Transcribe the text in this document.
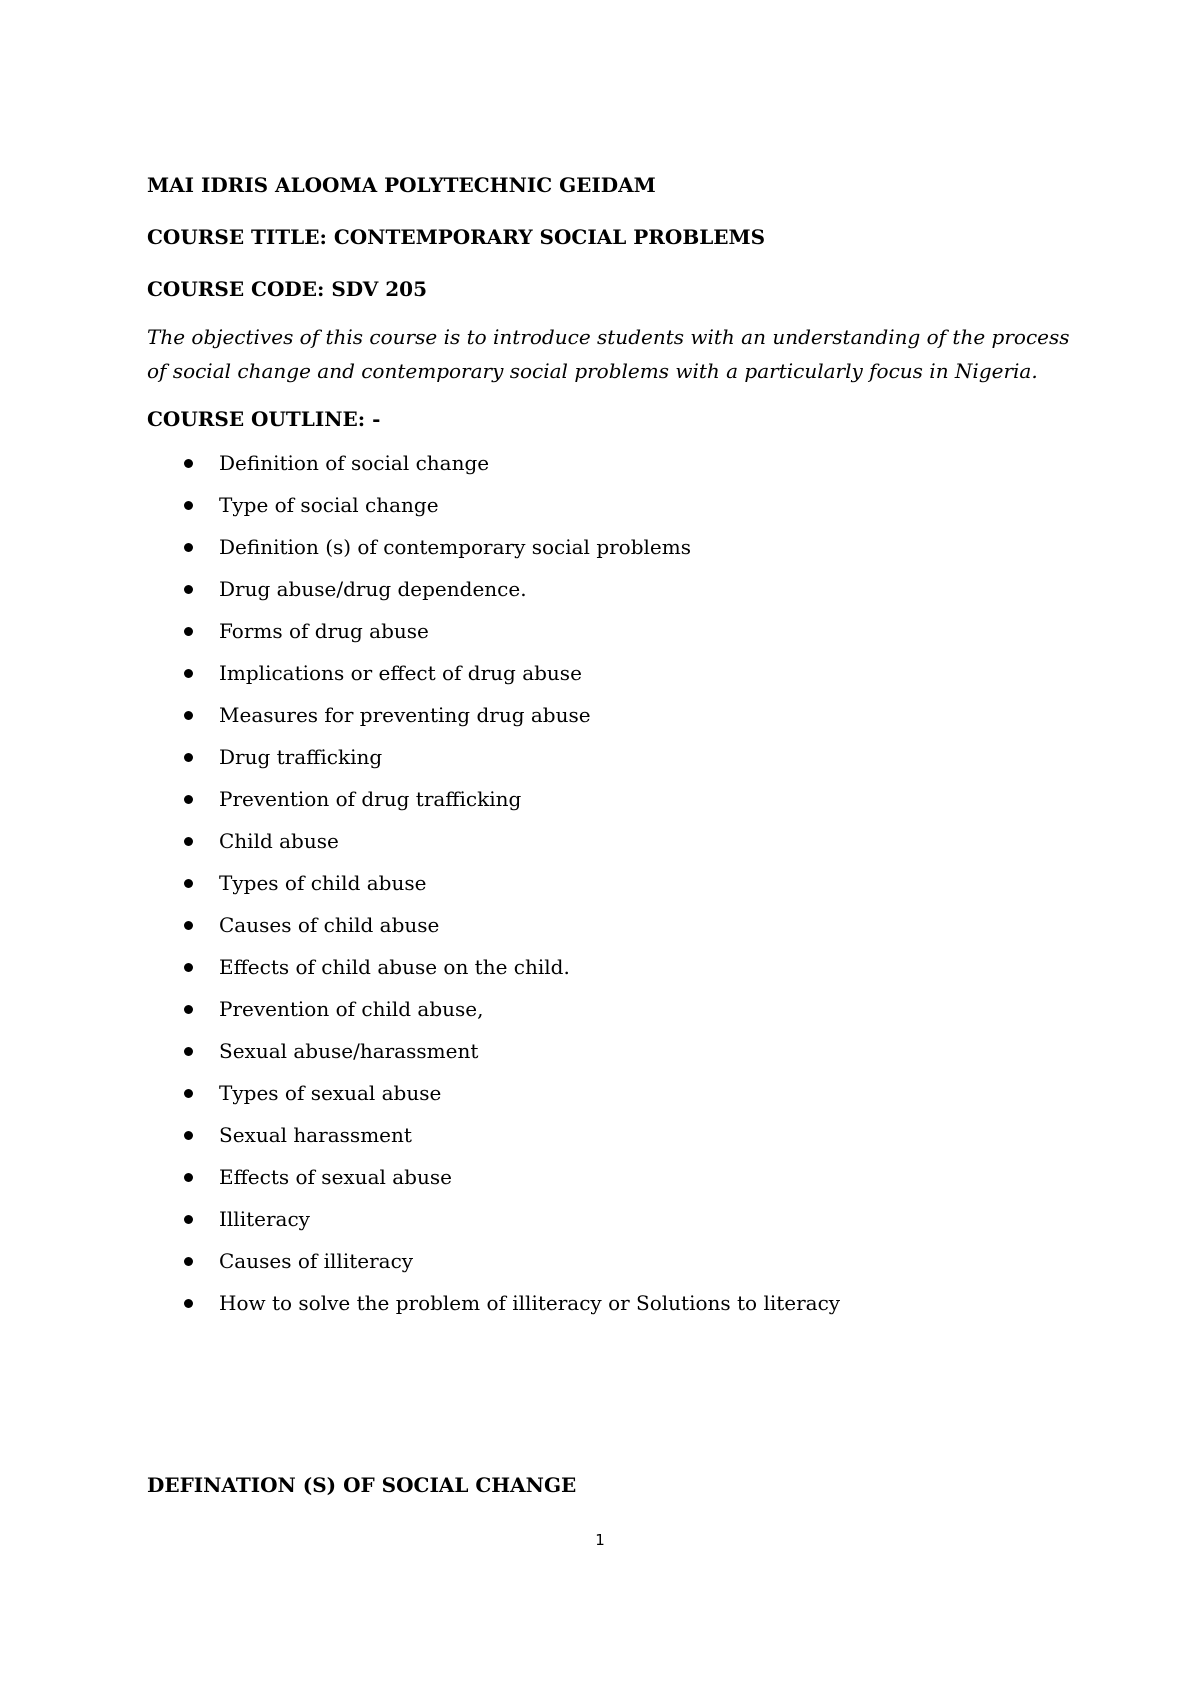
MAI IDRIS ALOOMA POLYTECHNIC GEIDAM
COURSE TITLE: CONTEMPORARY SOCIAL PROBLEMS
COURSE CODE: SDV 205
The objectives of this course is to introduce students with an understanding of the process of social change and contemporary social problems with a particularly focus in Nigeria.
COURSE OUTLINE: -
Definition of social change
Type of social change
Definition (s) of contemporary social problems
Drug abuse/drug dependence.
Forms of drug abuse
Implications or effect of drug abuse
Measures for preventing drug abuse
Drug trafficking
Prevention of drug trafficking
Child abuse
Types of child abuse
Causes of child abuse
Effects of child abuse on the child.
Prevention of child abuse,
Sexual abuse/harassment
Types of sexual abuse
Sexual harassment
Effects of sexual abuse
Illiteracy
Causes of illiteracy
How to solve the problem of illiteracy or Solutions to literacy
DEFINATION (S) OF SOCIAL CHANGE
1
